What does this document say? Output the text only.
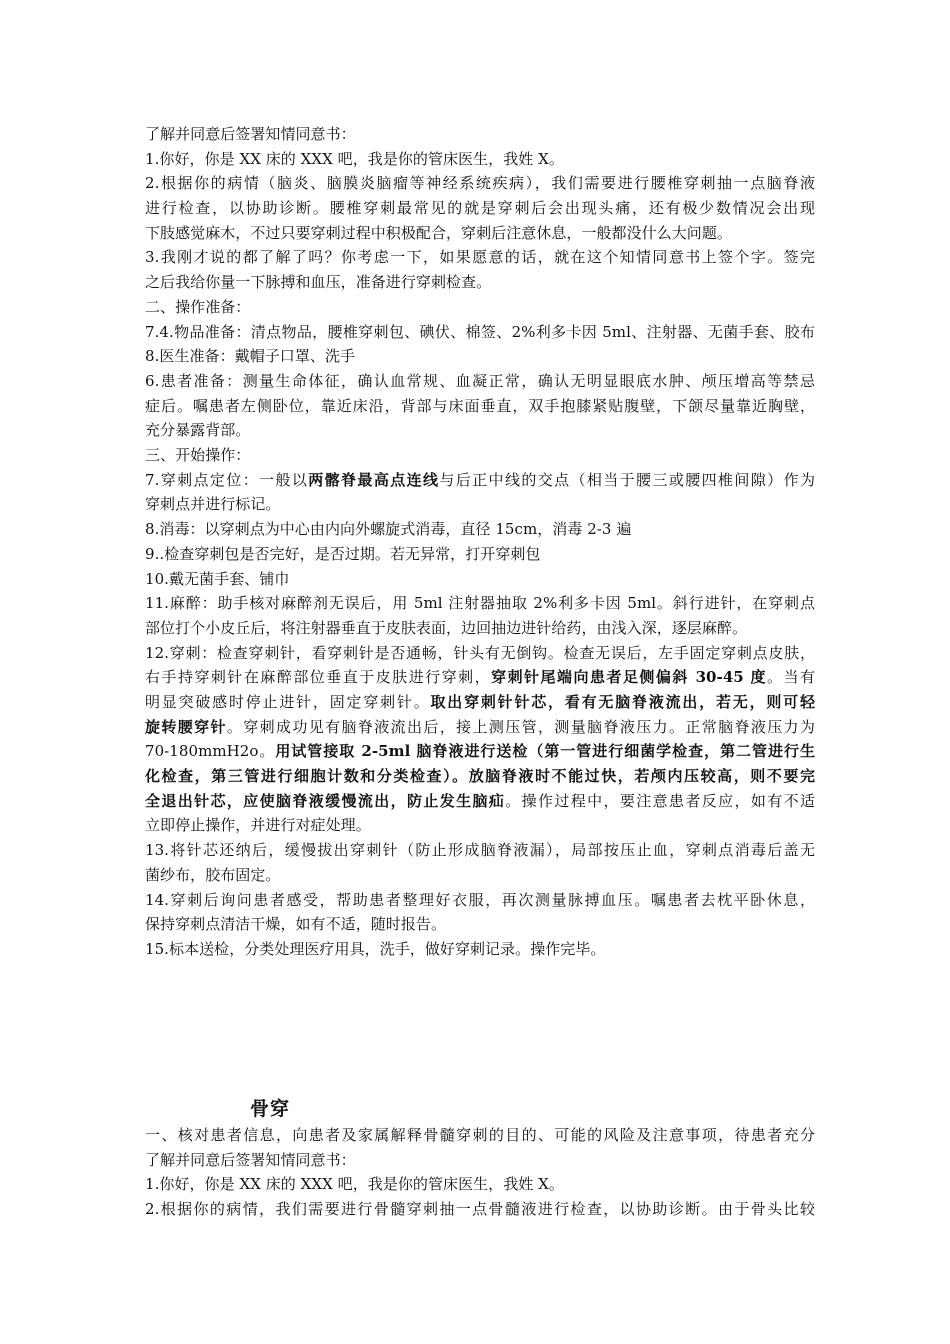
了解并同意后签署知情同意书：
1.你好，你是 XX 床的 XXX 吧，我是你的管床医生，我姓 X。
2.根据你的病情（脑炎、脑膜炎脑瘤等神经系统疾病），我们需要进行腰椎穿刺抽一点脑脊液
进行检查，以协助诊断。腰椎穿刺最常见的就是穿刺后会出现头痛，还有极少数情况会出现
下肢感觉麻木，不过只要穿刺过程中积极配合，穿刺后注意休息，一般都没什么大问题。
3.我刚才说的都了解了吗？你考虑一下，如果愿意的话，就在这个知情同意书上签个字。签完
之后我给你量一下脉搏和血压，准备进行穿刺检查。
二、操作准备：
7.4.物品准备：清点物品，腰椎穿刺包、碘伏、棉签、2%利多卡因 5ml、注射器、无菌手套、胶布
8.医生准备：戴帽子口罩、洗手
6.患者准备：测量生命体征，确认血常规、血凝正常，确认无明显眼底水肿、颅压增高等禁忌
症后。嘱患者左侧卧位，靠近床沿，背部与床面垂直，双手抱膝紧贴腹壁，下颌尽量靠近胸壁，
充分暴露背部。
三、开始操作：
7.穿刺点定位：一般以两髂脊最高点连线与后正中线的交点（相当于腰三或腰四椎间隙）作为
穿刺点并进行标记。
8.消毒：以穿刺点为中心由内向外螺旋式消毒，直径 15cm，消毒 2-3 遍
9..检查穿刺包是否完好，是否过期。若无异常，打开穿刺包
10.戴无菌手套、铺巾
11.麻醉：助手核对麻醉剂无误后，用 5ml 注射器抽取 2%利多卡因 5ml。斜行进针，在穿刺点
部位打个小皮丘后，将注射器垂直于皮肤表面，边回抽边进针给药，由浅入深，逐层麻醉。
12.穿刺：检查穿刺针，看穿刺针是否通畅，针头有无倒钩。检查无误后，左手固定穿刺点皮肤，
右手持穿刺针在麻醉部位垂直于皮肤进行穿刺，穿刺针尾端向患者足侧偏斜 30-45 度。当有
明显突破感时停止进针，固定穿刺针。取出穿刺针针芯，看有无脑脊液流出，若无，则可轻
旋转腰穿针。穿刺成功见有脑脊液流出后，接上测压管，测量脑脊液压力。正常脑脊液压力为
70-180mmH2o。用试管接取 2-5ml 脑脊液进行送检（第一管进行细菌学检查，第二管进行生
化检查，第三管进行细胞计数和分类检查）。放脑脊液时不能过快，若颅内压较高，则不要完
全退出针芯，应使脑脊液缓慢流出，防止发生脑疝。操作过程中，要注意患者反应，如有不适
立即停止操作，并进行对症处理。
13.将针芯还纳后，缓慢拔出穿刺针（防止形成脑脊液漏），局部按压止血，穿刺点消毒后盖无
菌纱布，胶布固定。
14.穿刺后询问患者感受，帮助患者整理好衣服，再次测量脉搏血压。嘱患者去枕平卧休息，
保持穿刺点清洁干燥，如有不适，随时报告。
15.标本送检，分类处理医疗用具，洗手，做好穿刺记录。操作完毕。
骨穿
一、核对患者信息，向患者及家属解释骨髓穿刺的目的、可能的风险及注意事项，待患者充分
了解并同意后签署知情同意书：
1.你好，你是 XX 床的 XXX 吧，我是你的管床医生，我姓 X。
2.根据你的病情，我们需要进行骨髓穿刺抽一点骨髓液进行检查，以协助诊断。由于骨头比较
